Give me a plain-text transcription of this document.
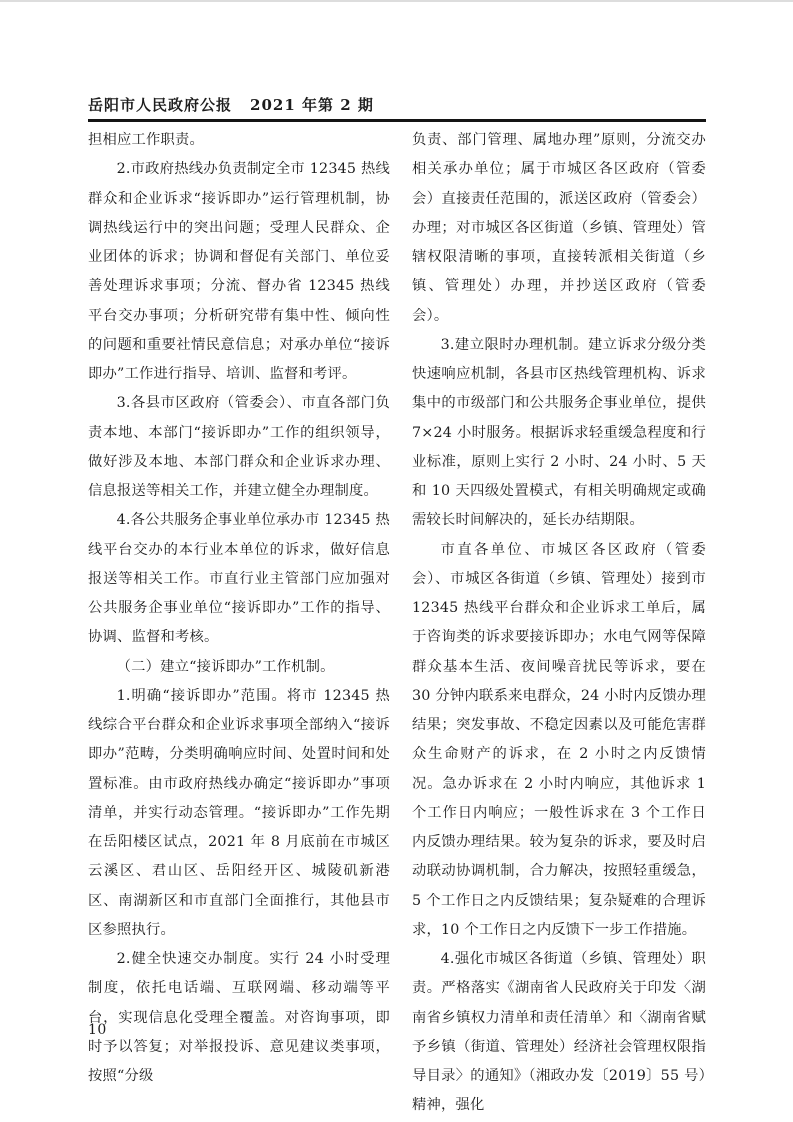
岳阳市人民政府公报 2021 年第 2 期

担相应工作职责。

2.市政府热线办负责制定全市 12345 热线群众和企业诉求“接诉即办”运行管理机制，协调热线运行中的突出问题；受理人民群众、企业团体的诉求；协调和督促有关部门、单位妥善处理诉求事项；分流、督办省 12345 热线平台交办事项；分析研究带有集中性、倾向性的问题和重要社情民意信息；对承办单位“接诉即办”工作进行指导、培训、监督和考评。

3.各县市区政府（管委会）、市直各部门负责本地、本部门“接诉即办”工作的组织领导，做好涉及本地、本部门群众和企业诉求办理、信息报送等相关工作，并建立健全办理制度。

4.各公共服务企事业单位承办市 12345 热线平台交办的本行业本单位的诉求，做好信息报送等相关工作。市直行业主管部门应加强对公共服务企事业单位“接诉即办”工作的指导、协调、监督和考核。

（二）建立“接诉即办”工作机制。

1.明确“接诉即办”范围。将市 12345 热线综合平台群众和企业诉求事项全部纳入“接诉即办”范畴，分类明确响应时间、处置时间和处置标准。由市政府热线办确定“接诉即办”事项清单，并实行动态管理。“接诉即办”工作先期在岳阳楼区试点，2021 年 8 月底前在市城区云溪区、君山区、岳阳经开区、城陵矶新港区、南湖新区和市直部门全面推行，其他县市区参照执行。

2.健全快速交办制度。实行 24 小时受理制度，依托电话端、互联网端、移动端等平台，实现信息化受理全覆盖。对咨询事项，即时予以答复；对举报投诉、意见建议类事项，按照“分级

负责、部门管理、属地办理”原则，分流交办相关承办单位；属于市城区各区政府（管委会）直接责任范围的，派送区政府（管委会）办理；对市城区各区街道（乡镇、管理处）管辖权限清晰的事项，直接转派相关街道（乡镇、管理处）办理，并抄送区政府（管委会）。

3.建立限时办理机制。建立诉求分级分类快速响应机制，各县市区热线管理机构、诉求集中的市级部门和公共服务企事业单位，提供 7×24 小时服务。根据诉求轻重缓急程度和行业标准，原则上实行 2 小时、24 小时、5 天和 10 天四级处置模式，有相关明确规定或确需较长时间解决的，延长办结期限。

市直各单位、市城区各区政府（管委会）、市城区各街道（乡镇、管理处）接到市 12345 热线平台群众和企业诉求工单后，属于咨询类的诉求要接诉即办；水电气网等保障群众基本生活、夜间噪音扰民等诉求，要在 30 分钟内联系来电群众，24 小时内反馈办理结果；突发事故、不稳定因素以及可能危害群众生命财产的诉求，在 2 小时之内反馈情况。急办诉求在 2 小时内响应，其他诉求 1 个工作日内响应；一般性诉求在 3 个工作日内反馈办理结果。较为复杂的诉求，要及时启动联动协调机制，合力解决，按照轻重缓急，5 个工作日之内反馈结果；复杂疑难的合理诉求，10 个工作日之内反馈下一步工作措施。

4.强化市城区各街道（乡镇、管理处）职责。严格落实《湖南省人民政府关于印发〈湖南省乡镇权力清单和责任清单〉和〈湖南省赋予乡镇（街道、管理处）经济社会管理权限指导目录〉的通知》（湘政办发〔2019〕55 号）精神，强化

10
